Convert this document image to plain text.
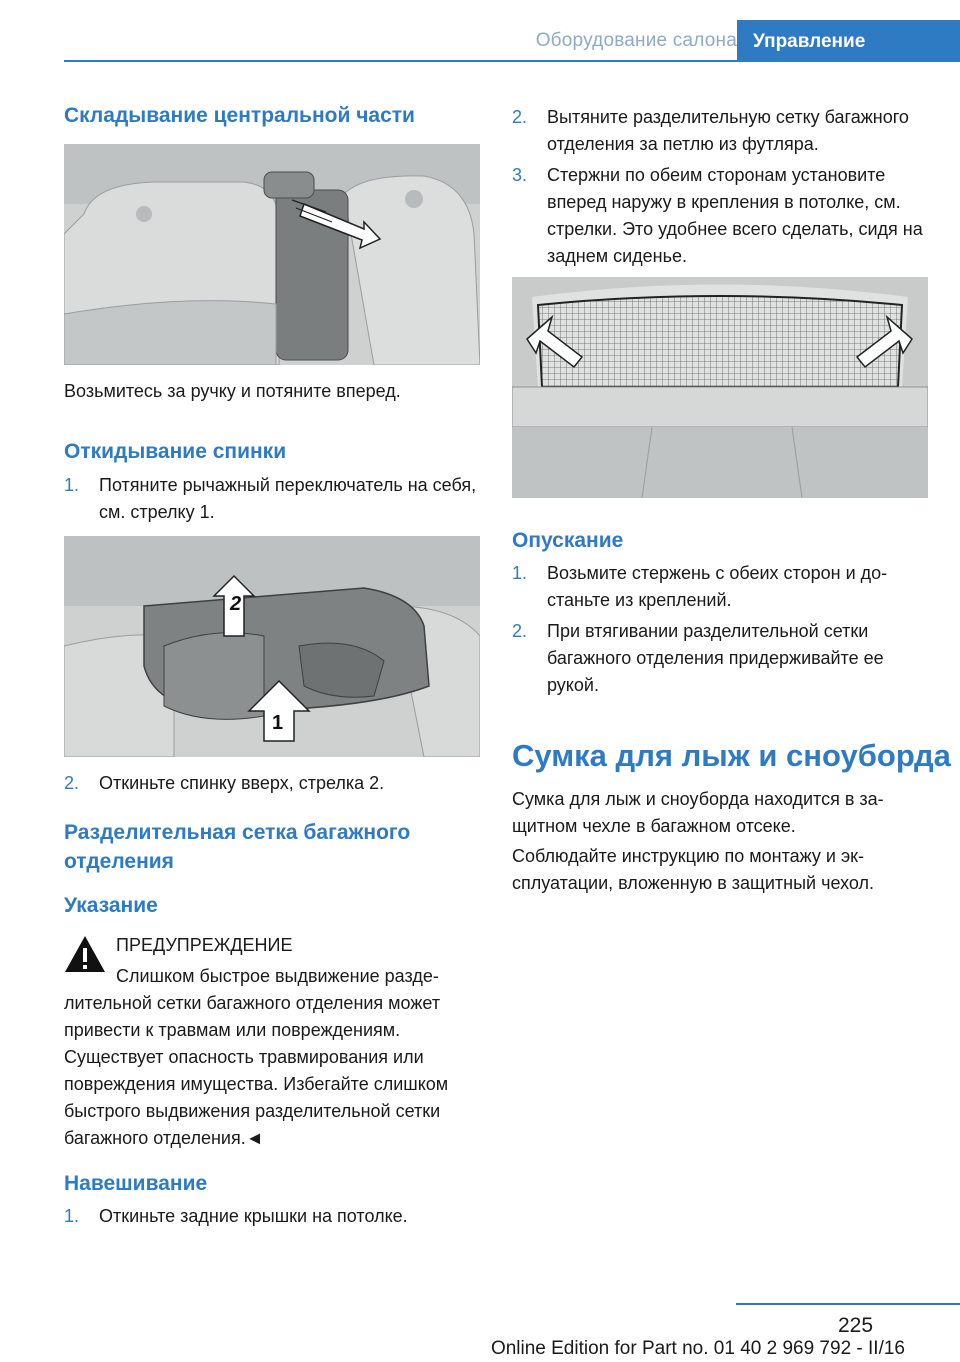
Оборудование салона Управление
Складывание центральной части
Возьмитесь за ручку и потяните вперед.
Откидывание спинки
1. Потяните рычажный переключатель на себя, см. стрелку 1.
2
1
2. Откиньте спинку вверх, стрелка 2.
Разделительная сетка багажного отделения
Указание
ПРЕДУПРЕЖДЕНИЕ
Слишком быстрое выдвижение разделительной сетки багажного отделения может привести к травмам или повреждениям. Существует опасность травмирования или повреждения имущества. Избегайте слишком быстрого выдвижения разделительной сетки багажного отделения.◄
Навешивание
1. Откиньте задние крышки на потолке.
2. Вытяните разделительную сетку багажного отделения за петлю из футляра.
3. Стержни по обеим сторонам установите вперед наружу в крепления в потолке, см. стрелки. Это удобнее всего сделать, сидя на заднем сиденье.
Опускание
1. Возьмите стержень с обеих сторон и достаньте из креплений.
2. При втягивании разделительной сетки багажного отделения придерживайте ее рукой.
Сумка для лыж и сноуборда
Сумка для лыж и сноуборда находится в защитном чехле в багажном отсеке.
Соблюдайте инструкцию по монтажу и эксплуатации, вложенную в защитный чехол.
225
Online Edition for Part no. 01 40 2 969 792 - II/16
